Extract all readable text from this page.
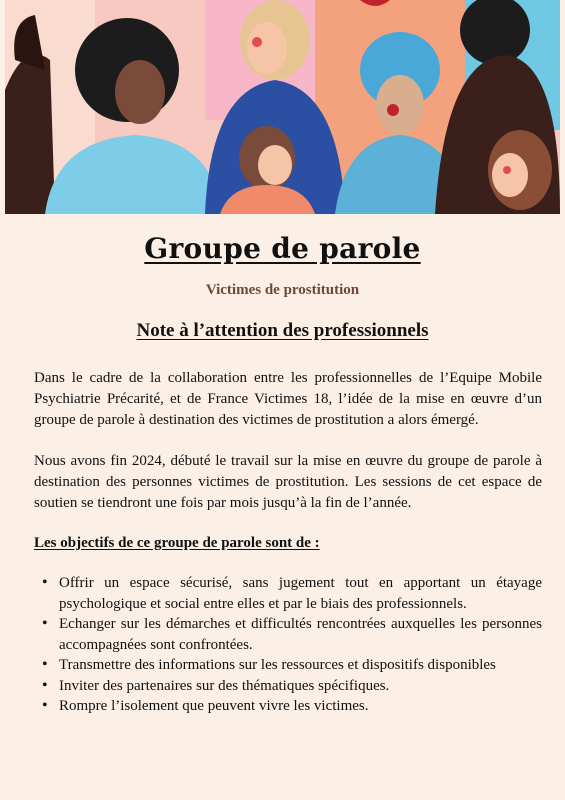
Groupe de parole
Victimes de prostitution
Note à l’attention des professionnels

Dans le cadre de la collaboration entre les professionnelles de l’Equipe Mobile Psychiatrie Précarité, et de France Victimes 18, l’idée de la mise en œuvre d’un groupe de parole à destination des victimes de prostitution a alors émergé.

Nous avons fin 2024, débuté le travail sur la mise en œuvre du groupe de parole à destination des personnes victimes de prostitution. Les sessions de cet espace de soutien se tiendront une fois par mois jusqu’à la fin de l’année.

Les objectifs de ce groupe de parole sont de :
• Offrir un espace sécurisé, sans jugement tout en apportant un étayage psychologique et social entre elles et par le biais des professionnels.
• Echanger sur les démarches et difficultés rencontrées auxquelles les personnes accompagnées sont confrontées.
• Transmettre des informations sur les ressources et dispositifs disponibles
• Inviter des partenaires sur des thématiques spécifiques.
• Rompre l’isolement que peuvent vivre les victimes.
